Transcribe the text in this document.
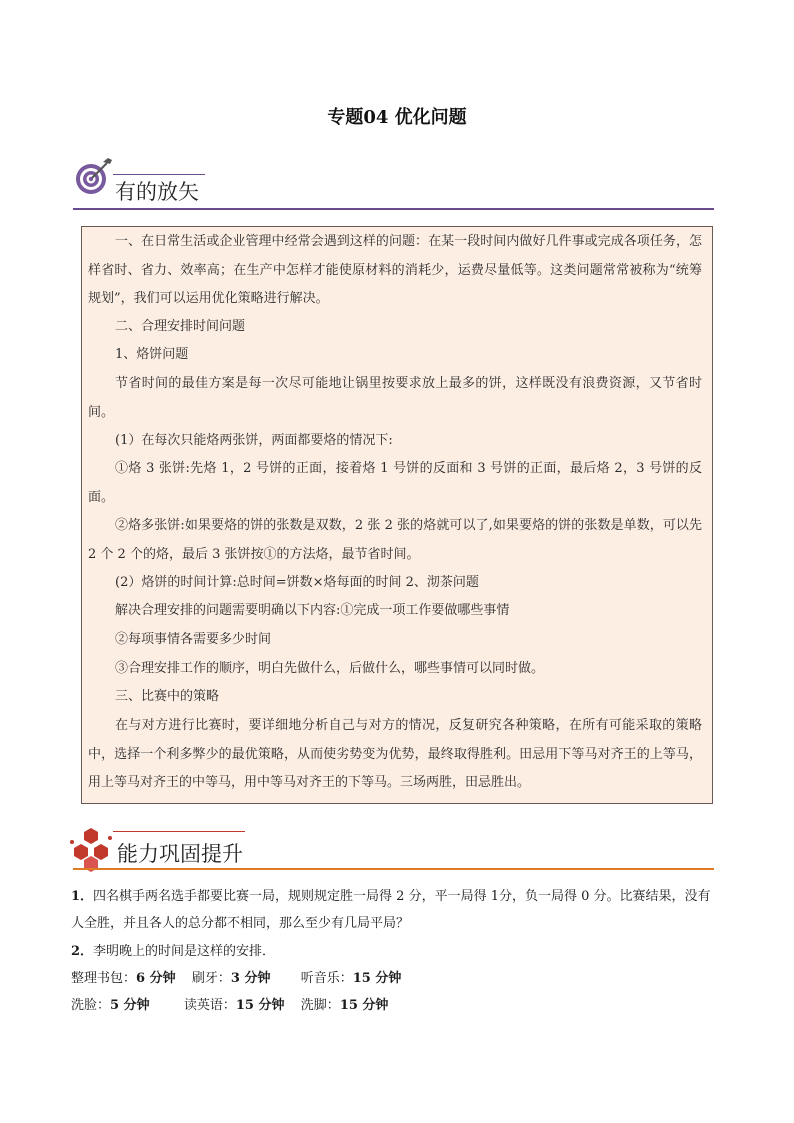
专题04 优化问题
有的放矢
一、在日常生活或企业管理中经常会遇到这样的问题：在某一段时间内做好几件事或完成各项任务，怎样省时、省力、效率高；在生产中怎样才能使原材料的消耗少，运费尽量低等。这类问题常常被称为“统筹规划”，我们可以运用优化策略进行解决。
二、合理安排时间问题
1、烙饼问题
节省时间的最佳方案是每一次尽可能地让锅里按要求放上最多的饼，这样既没有浪费资源，又节省时间。
(1）在每次只能烙两张饼，两面都要烙的情况下:
①烙 3 张饼:先烙 1，2 号饼的正面，接着烙 1 号饼的反面和 3 号饼的正面，最后烙 2，3 号饼的反面。
②烙多张饼:如果要烙的饼的张数是双数，2 张 2 张的烙就可以了,如果要烙的饼的张数是单数，可以先 2 个 2 个的烙，最后 3 张饼按①的方法烙，最节省时间。
(2）烙饼的时间计算:总时间=饼数×烙每面的时间 2、沏茶问题
解决合理安排的问题需要明确以下内容:①完成一项工作要做哪些事情
②每项事情各需要多少时间
③合理安排工作的顺序，明白先做什么，后做什么，哪些事情可以同时做。
三、比赛中的策略
在与对方进行比赛时，要详细地分析自己与对方的情况，反复研究各种策略，在所有可能采取的策略中，选择一个利多弊少的最优策略，从而使劣势变为优势，最终取得胜利。田忌用下等马对齐王的上等马，用上等马对齐王的中等马，用中等马对齐王的下等马。三场两胜，田忌胜出。
能力巩固提升
1．四名棋手两名选手都要比赛一局，规则规定胜一局得 2 分，平一局得 1分，负一局得 0 分。比赛结果，没有人全胜，并且各人的总分都不相同，那么至少有几局平局？
2．李明晚上的时间是这样的安排．
整理书包：6 分钟 刷牙：3 分钟 听音乐：15 分钟
洗脸：5 分钟	读英语：15 分钟 洗脚：15 分钟
